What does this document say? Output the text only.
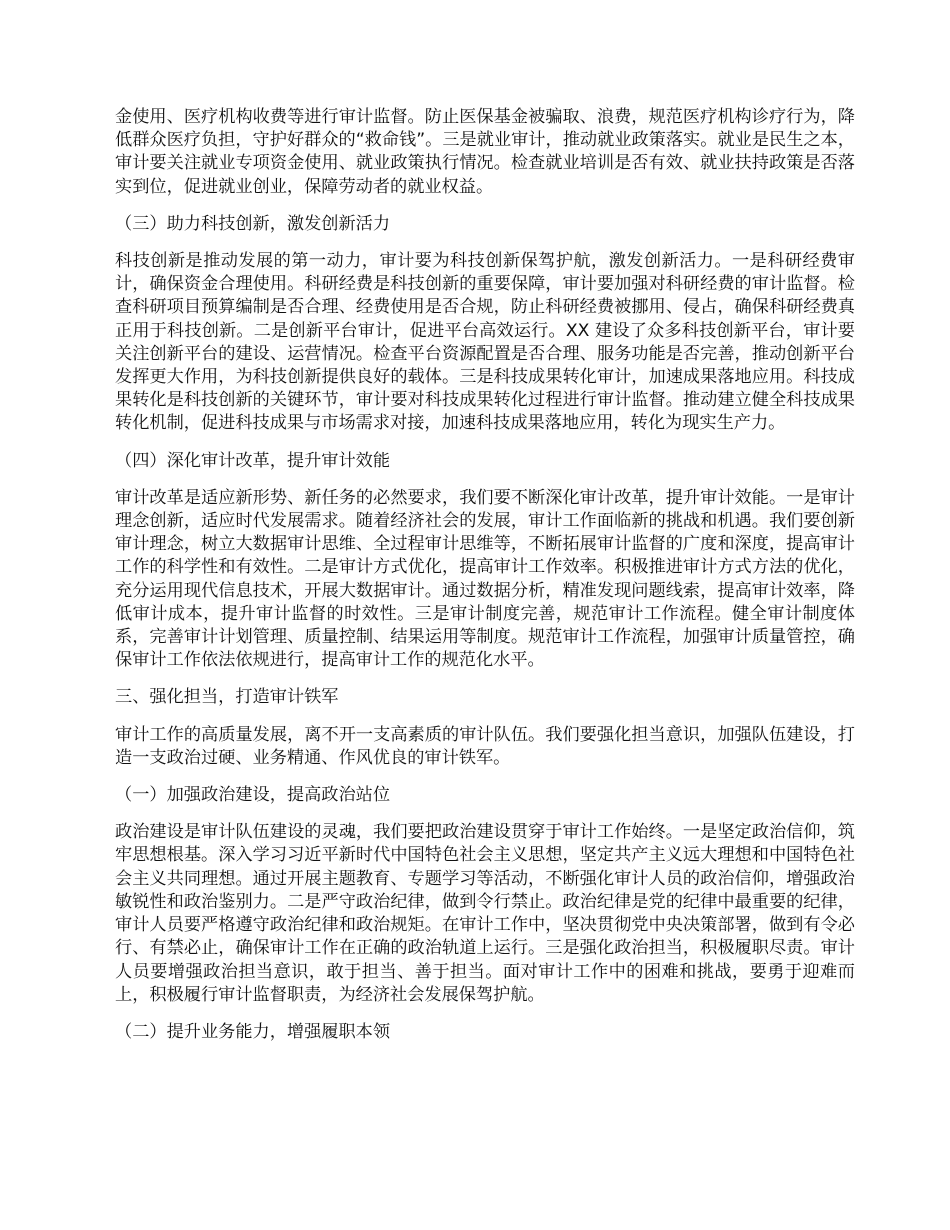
金使用、医疗机构收费等进行审计监督。防止医保基金被骗取、浪费，规范医疗机构诊疗行为，降低群众医疗负担，守护好群众的“救命钱”。三是就业审计，推动就业政策落实。就业是民生之本，审计要关注就业专项资金使用、就业政策执行情况。检查就业培训是否有效、就业扶持政策是否落实到位，促进就业创业，保障劳动者的就业权益。

（三）助力科技创新，激发创新活力

科技创新是推动发展的第一动力，审计要为科技创新保驾护航，激发创新活力。一是科研经费审计，确保资金合理使用。科研经费是科技创新的重要保障，审计要加强对科研经费的审计监督。检查科研项目预算编制是否合理、经费使用是否合规，防止科研经费被挪用、侵占，确保科研经费真正用于科技创新。二是创新平台审计，促进平台高效运行。XX 建设了众多科技创新平台，审计要关注创新平台的建设、运营情况。检查平台资源配置是否合理、服务功能是否完善，推动创新平台发挥更大作用，为科技创新提供良好的载体。三是科技成果转化审计，加速成果落地应用。科技成果转化是科技创新的关键环节，审计要对科技成果转化过程进行审计监督。推动建立健全科技成果转化机制，促进科技成果与市场需求对接，加速科技成果落地应用，转化为现实生产力。

（四）深化审计改革，提升审计效能

审计改革是适应新形势、新任务的必然要求，我们要不断深化审计改革，提升审计效能。一是审计理念创新，适应时代发展需求。随着经济社会的发展，审计工作面临新的挑战和机遇。我们要创新审计理念，树立大数据审计思维、全过程审计思维等，不断拓展审计监督的广度和深度，提高审计工作的科学性和有效性。二是审计方式优化，提高审计工作效率。积极推进审计方式方法的优化，充分运用现代信息技术，开展大数据审计。通过数据分析，精准发现问题线索，提高审计效率，降低审计成本，提升审计监督的时效性。三是审计制度完善，规范审计工作流程。健全审计制度体系，完善审计计划管理、质量控制、结果运用等制度。规范审计工作流程，加强审计质量管控，确保审计工作依法依规进行，提高审计工作的规范化水平。

三、强化担当，打造审计铁军

审计工作的高质量发展，离不开一支高素质的审计队伍。我们要强化担当意识，加强队伍建设，打造一支政治过硬、业务精通、作风优良的审计铁军。

（一）加强政治建设，提高政治站位

政治建设是审计队伍建设的灵魂，我们要把政治建设贯穿于审计工作始终。一是坚定政治信仰，筑牢思想根基。深入学习习近平新时代中国特色社会主义思想，坚定共产主义远大理想和中国特色社会主义共同理想。通过开展主题教育、专题学习等活动，不断强化审计人员的政治信仰，增强政治敏锐性和政治鉴别力。二是严守政治纪律，做到令行禁止。政治纪律是党的纪律中最重要的纪律，审计人员要严格遵守政治纪律和政治规矩。在审计工作中，坚决贯彻党中央决策部署，做到有令必行、有禁必止，确保审计工作在正确的政治轨道上运行。三是强化政治担当，积极履职尽责。审计人员要增强政治担当意识，敢于担当、善于担当。面对审计工作中的困难和挑战，要勇于迎难而上，积极履行审计监督职责，为经济社会发展保驾护航。

（二）提升业务能力，增强履职本领
